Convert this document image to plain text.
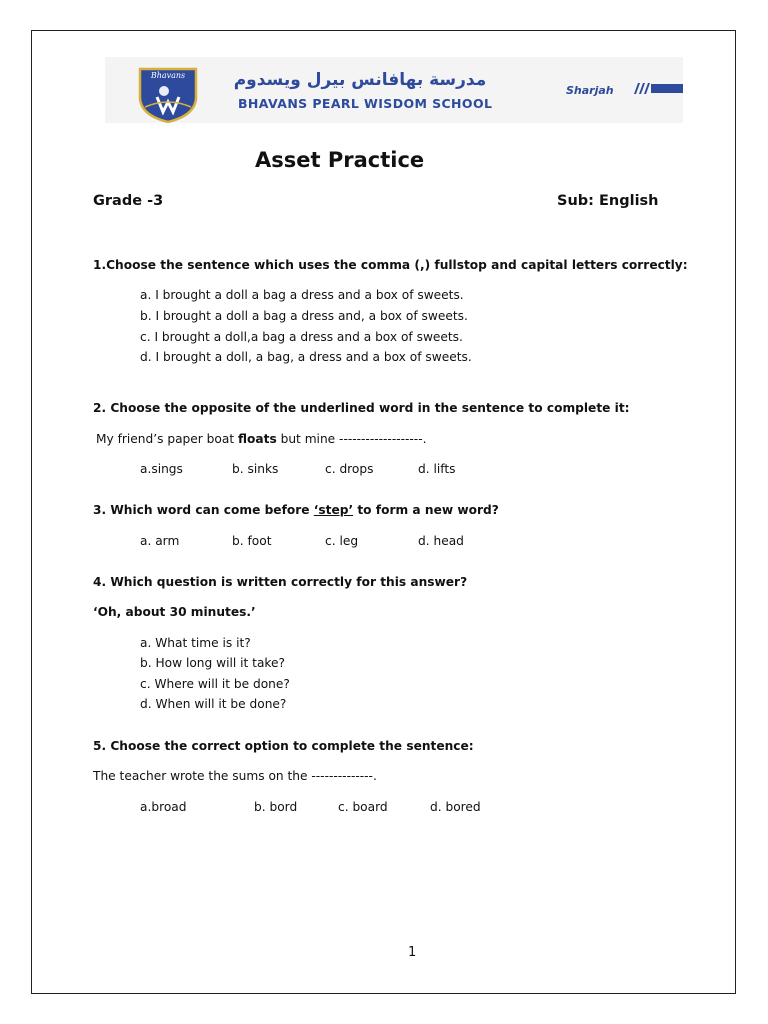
Bhavans	مدرسة بهافانس بيرل ويسدوم
BHAVANS PEARL WISDOM SCHOOL
Sharjah
Asset Practice
Grade -3	Sub: English
1.Choose the sentence which uses the comma (,) fullstop and capital letters correctly:
a. I brought a doll a bag a dress and a box of sweets.
b. I brought a doll a bag a dress and, a box of sweets.
c. I brought a doll,a bag a dress and a box of sweets.
d. I brought a doll, a bag, a dress and a box of sweets.
2. Choose the opposite of the underlined word in the sentence to complete it:
My friend’s paper boat floats but mine -------------------.
a.sings	b. sinks	c. drops	d. lifts
3. Which word can come before ‘step’ to form a new word?
a. arm	b. foot	c. leg	d. head
4. Which question is written correctly for this answer?
‘Oh, about 30 minutes.’
a. What time is it?
b. How long will it take?
c. Where will it be done?
d. When will it be done?
5. Choose the correct option to complete the sentence:
The teacher wrote the sums on the --------------.
a.broad	b. bord	c. board	d. bored
1
